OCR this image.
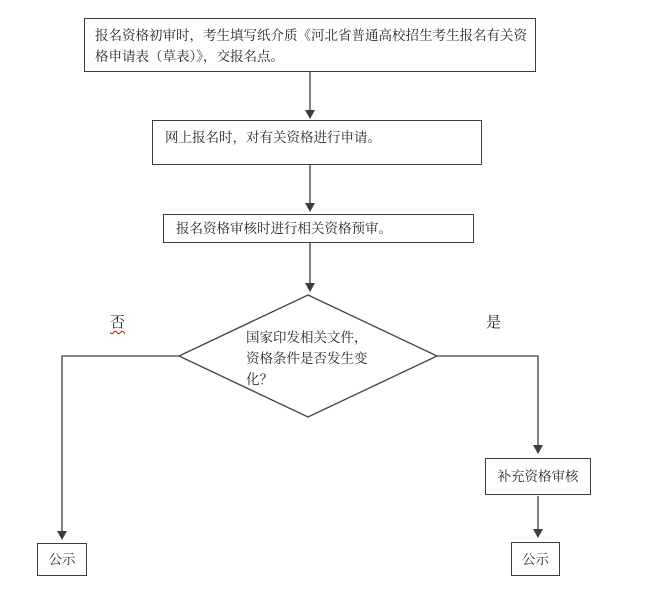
报名资格初审时，考生填写纸介质《河北省普通高校招生考生报名有关资格申请表（草表）》，交报名点。
网上报名时，对有关资格进行申请。
报名资格审核时进行相关资格预审。
国家印发相关文件，资格条件是否发生变化？
否	是
补充资格审核
公示	公示
